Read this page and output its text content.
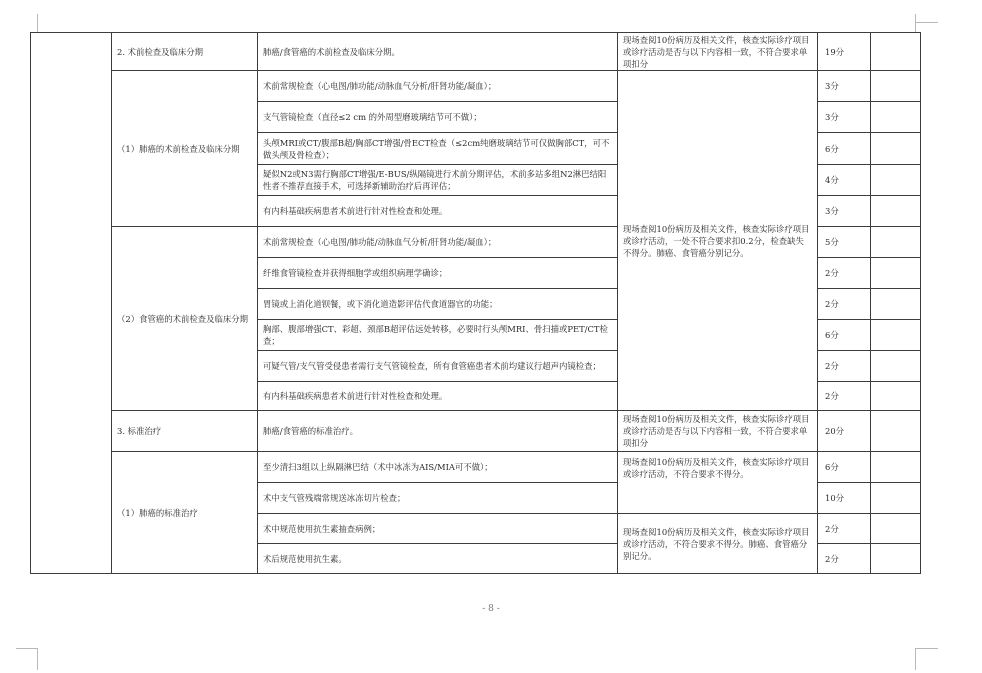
	2. 术前检查及临床分期	肺癌/食管癌的术前检查及临床分期。	现场查阅10份病历及相关文件，核查实际诊疗项目或诊疗活动是否与以下内容相一致，不符合要求单项扣分	19分	
	（1）肺癌的术前检查及临床分期	术前常规检查（心电图/肺功能/动脉血气分析/肝肾功能/凝血）；	现场查阅10份病历及相关文件，核查实际诊疗项目或诊疗活动，一处不符合要求扣0.2分，检查缺失不得分。肺癌、食管癌分别记分。	3分	
		支气管镜检查（直径≤2 cm 的外周型磨玻璃结节可不做）；		3分	
		头颅MRI或CT/腹部B超/胸部CT增强/骨ECT检查（≤2cm纯磨玻璃结节可仅做胸部CT，可不做头颅及骨检查）；		6分	
		疑似N2或N3需行胸部CT增强/E-BUS/纵隔镜进行术前分期评估，术前多站多组N2淋巴结阳性者不推荐直接手术，可选择新辅助治疗后再评估；		4分	
		有内科基础疾病患者术前进行针对性检查和处理。		3分	
	（2）食管癌的术前检查及临床分期	术前常规检查（心电图/肺功能/动脉血气分析/肝肾功能/凝血）；		5分	
		纤维食管镜检查并获得细胞学或组织病理学确诊；		2分	
		胃镜或上消化道钡餐，或下消化道造影评估代食道器官的功能；		2分	
		胸部、腹部增强CT、彩超、颈部B超评估远处转移，必要时行头颅MRI、骨扫描或PET/CT检查；		6分	
		可疑气管/支气管受侵患者需行支气管镜检查，所有食管癌患者术前均建议行超声内镜检查；		2分	
		有内科基础疾病患者术前进行针对性检查和处理。		2分	
	3. 标准治疗	肺癌/食管癌的标准治疗。	现场查阅10份病历及相关文件，核查实际诊疗项目或诊疗活动是否与以下内容相一致，不符合要求单项扣分	20分	
	（1）肺癌的标准治疗	至少清扫3组以上纵隔淋巴结（术中冰冻为AIS/MIA可不做）；	现场查阅10份病历及相关文件，核查实际诊疗项目或诊疗活动，不符合要求不得分。	6分	
		术中支气管残端常规送冰冻切片检查；		10分	
		术中规范使用抗生素抽查病例；	现场查阅10份病历及相关文件，核查实际诊疗项目或诊疗活动，不符合要求不得分。肺癌、食管癌分别记分。	2分	
		术后规范使用抗生素。		2分	
- 8 -
